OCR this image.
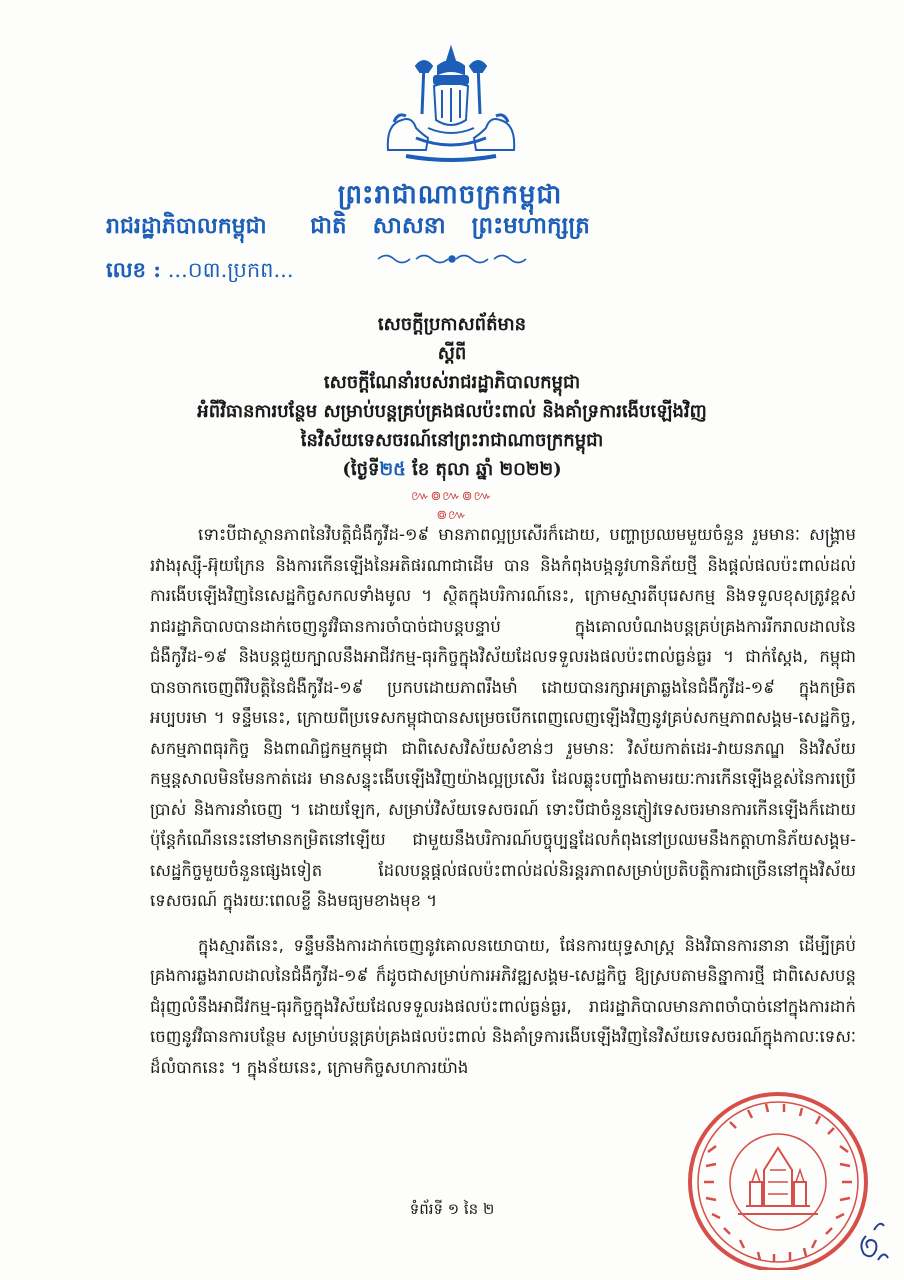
ព្រះរាជាណាចក្រកម្ពុជា
ជាតិ សាសនា ព្រះមហាក្សត្រ
រាជរដ្ឋាភិបាលកម្ពុជា
លេខ : ...០៣.ប្រកព...
សេចក្តីប្រកាសព័ត៌មាន
ស្តីពី
សេចក្តីណែនាំរបស់រាជរដ្ឋាភិបាលកម្ពុជា
អំពីវិធានការបន្ថែម សម្រាប់បន្តគ្រប់គ្រងផលប៉ះពាល់ និងគាំទ្រការងើបឡើងវិញ
នៃវិស័យទេសចរណ៍នៅព្រះរាជាណាចក្រកម្ពុជា
(ថ្ងៃទី២៥ ខែ តុលា ឆ្នាំ ២០២២)
៚៙៚៙៚៙៚

ទោះបីជាស្ថានភាពនៃវិបត្តិជំងឺកូវីដ-១៩ មានភាពល្អប្រសើរក៏ដោយ, បញ្ហាប្រឈមមួយចំនួន រួមមានៈ សង្គ្រាមរវាងរុស្ស៊ី-អ៊ុយក្រែន និងការកើនឡើងនៃអតិផរណាជាដើម បាន និងកំពុងបង្កនូវហានិភ័យថ្មី និងផ្តល់ផលប៉ះពាល់ដល់ការងើបឡើងវិញនៃសេដ្ឋកិច្ចសកលទាំងមូល ។ ស្ថិតក្នុងបរិការណ៍នេះ, ក្រោមស្មារតីបុរេសកម្ម និងទទួលខុសត្រូវខ្ពស់ រាជរដ្ឋាភិបាលបានដាក់ចេញនូវវិធានការចាំបាច់ជាបន្តបន្ទាប់ ក្នុងគោលបំណងបន្តគ្រប់គ្រងការរីករាលដាលនៃជំងឺកូវីដ-១៩ និងបន្តជួយក្បាលនឹងអាជីវកម្ម-ធុរកិច្ចក្នុងវិស័យដែលទទួលរងផលប៉ះពាល់ធ្ងន់ធ្ងរ ។ ជាក់ស្តែង, កម្ពុជាបានចាកចេញពីវិបត្តិនៃជំងឺកូវីដ-១៩ ប្រកបដោយភាពរឹងមាំ ដោយបានរក្សាអត្រាឆ្លងនៃជំងឺកូវីដ-១៩ ក្នុងកម្រិតអប្បបរមា ។ ទន្ទឹមនេះ, ក្រោយពីប្រទេសកម្ពុជាបានសម្រេចបើកពេញលេញឡើងវិញនូវគ្រប់សកម្មភាពសង្គម-សេដ្ឋកិច្ច, សកម្មភាពធុរកិច្ច និងពាណិជ្ជកម្មកម្ពុជា ជាពិសេសវិស័យសំខាន់ៗ រួមមានៈ វិស័យកាត់ដេរ-វាយនភណ្ឌ និងវិស័យកម្មន្តសាលមិនមែនកាត់ដេរ មានសន្ទុះងើបឡើងវិញយ៉ាងល្អប្រសើរ ដែលឆ្លុះបញ្ចាំងតាមរយៈការកើនឡើងខ្ពស់នៃការប្រើប្រាស់ និងការនាំចេញ ។ ដោយឡែក, សម្រាប់វិស័យទេសចរណ៍ ទោះបីជាចំនួនភ្ញៀវទេសចរមានការកើនឡើងក៏ដោយ ប៉ុន្តែកំណើននេះនៅមានកម្រិតនៅឡើយ ជាមួយនឹងបរិការណ៍បច្ចុប្បន្នដែលកំពុងនៅប្រឈមនឹងកត្តាហានិភ័យសង្គម-សេដ្ឋកិច្ចមួយចំនួនផ្សេងទៀត ដែលបន្តផ្តល់ផលប៉ះពាល់ដល់និរន្តរភាពសម្រាប់ប្រតិបត្តិការជាច្រើននៅក្នុងវិស័យទេសចរណ៍ ក្នុងរយៈពេលខ្លី និងមធ្យមខាងមុខ ។

ក្នុងស្មារតីនេះ, ទន្ទឹមនឹងការដាក់ចេញនូវគោលនយោបាយ, ផែនការយុទ្ធសាស្ត្រ និងវិធានការនានា ដើម្បីគ្រប់គ្រងការឆ្លងរាលដាលនៃជំងឺកូវីដ-១៩ ក៏ដូចជាសម្រាប់ការអភិវឌ្ឍសង្គម-សេដ្ឋកិច្ច ឱ្យស្របតាមនិន្នាការថ្មី ជាពិសេសបន្តជំរុញលំនឹងអាជីវកម្ម-ធុរកិច្ចក្នុងវិស័យដែលទទួលរងផលប៉ះពាល់ធ្ងន់ធ្ងរ, រាជរដ្ឋាភិបាលមានភាពចាំបាច់នៅក្នុងការដាក់ចេញនូវវិធានការបន្ថែម សម្រាប់បន្តគ្រប់គ្រងផលប៉ះពាល់ និងគាំទ្រការងើបឡើងវិញនៃវិស័យទេសចរណ៍ក្នុងកាលៈទេសៈដ៏លំបាកនេះ ។ ក្នុងន័យនេះ, ក្រោមកិច្ចសហការយ៉ាង

ទំព័រទី ១ នៃ ២
